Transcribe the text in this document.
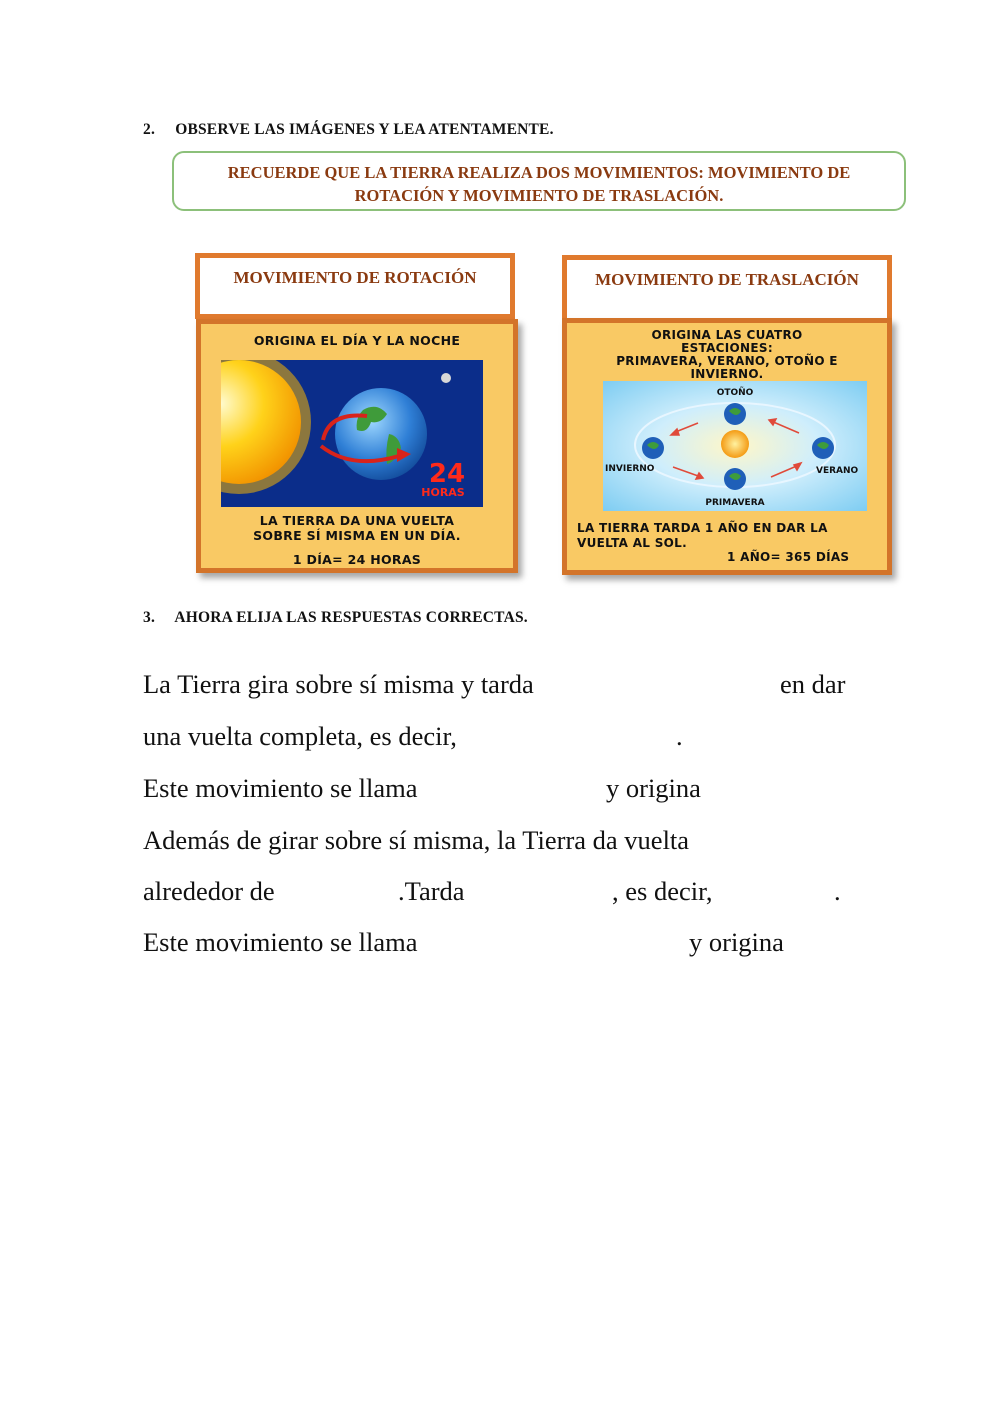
2. OBSERVE LAS IMÁGENES Y LEA ATENTAMENTE.
RECUERDE QUE LA TIERRA REALIZA DOS MOVIMIENTOS: MOVIMIENTO DE
ROTACIÓN Y MOVIMIENTO DE TRASLACIÓN.
MOVIMIENTO DE ROTACIÓN
ORIGINA EL DÍA Y LA NOCHE
24
HORAS
LA TIERRA DA UNA VUELTA
SOBRE SÍ MISMA EN UN DÍA.
1 DÍA= 24 HORAS
MOVIMIENTO DE TRASLACIÓN
ORIGINA LAS CUATRO
ESTACIONES:
PRIMAVERA, VERANO, OTOÑO E
INVIERNO.
OTOÑO
INVIERNO	VERANO
PRIMAVERA
LA TIERRA TARDA 1 AÑO EN DAR LA
VUELTA AL SOL.
1 AÑO= 365 DÍAS
3. AHORA ELIJA LAS RESPUESTAS CORRECTAS.
La Tierra gira sobre sí misma y tarda	en dar
una vuelta completa, es decir,	.
Este movimiento se llama	y origina
Además de girar sobre sí misma, la Tierra da vuelta
alrededor de	.Tarda	, es decir,	.
Este movimiento se llama	y origina
